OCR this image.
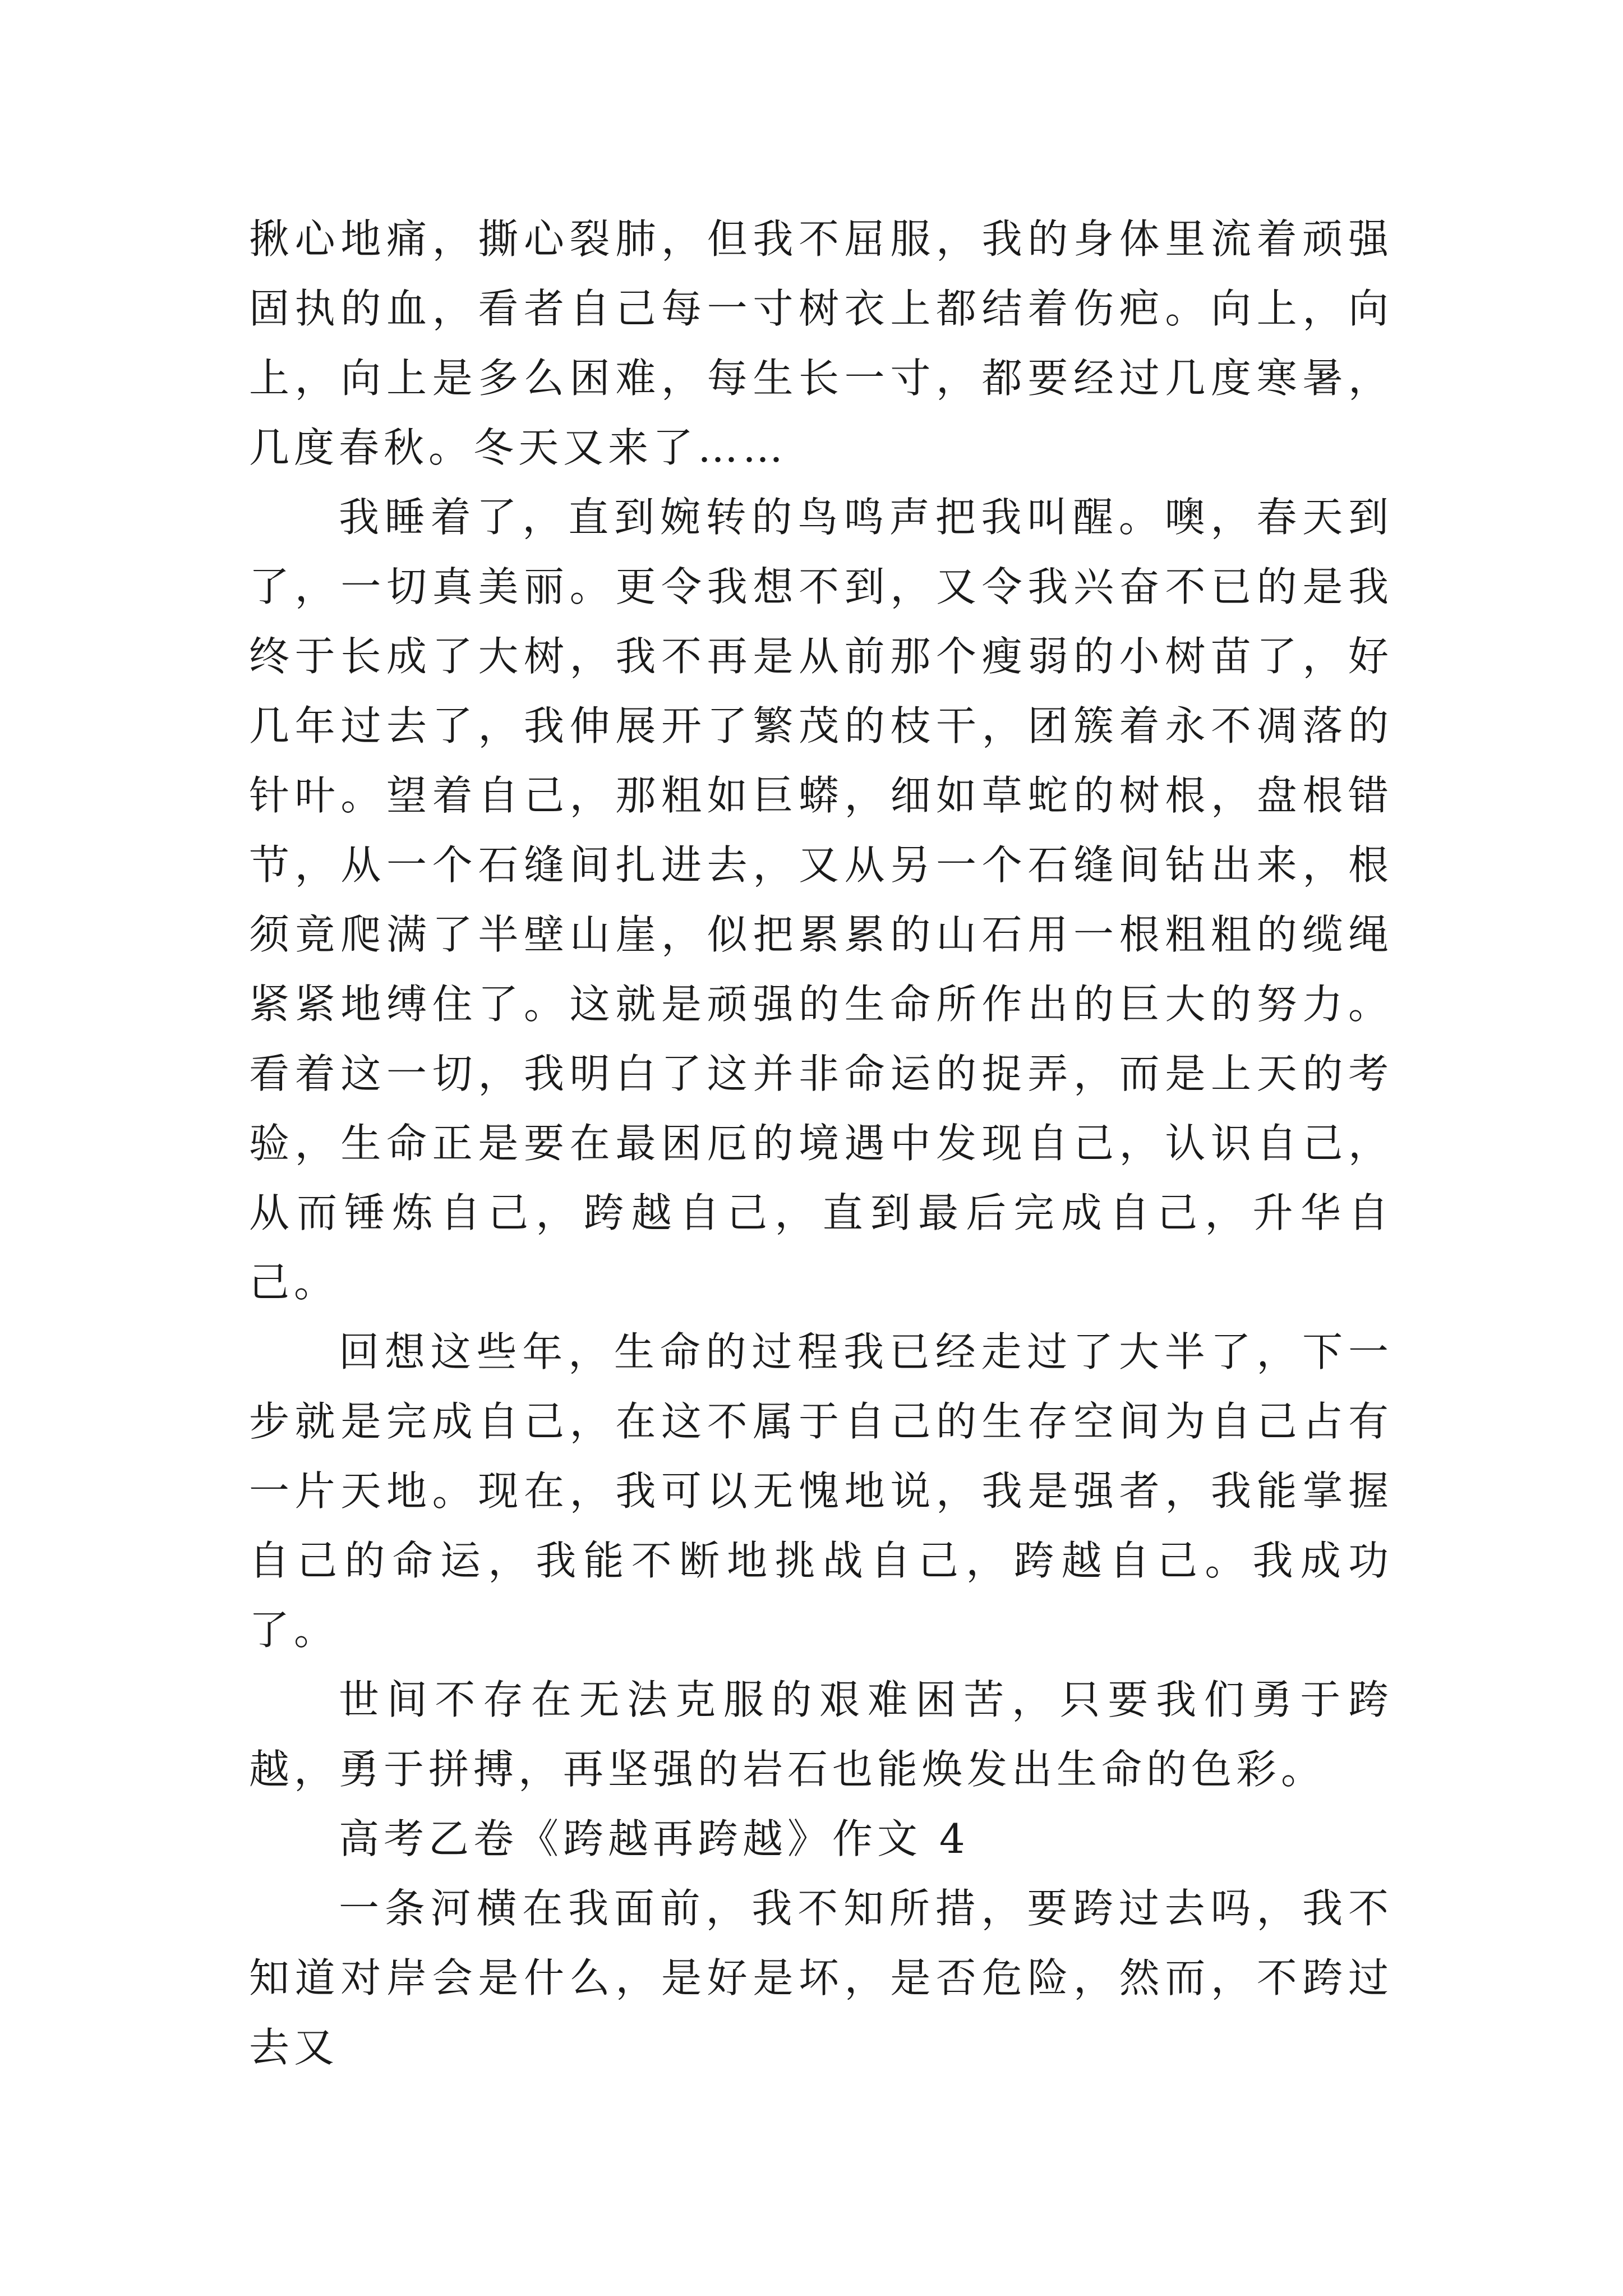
揪心地痛，撕心裂肺，但我不屈服，我的身体里流着顽强固执的血，看者自己每一寸树衣上都结着伤疤。向上，向上，向上是多么困难，每生长一寸，都要经过几度寒暑，几度春秋。冬天又来了……

我睡着了，直到婉转的鸟鸣声把我叫醒。噢，春天到了，一切真美丽。更令我想不到，又令我兴奋不已的是我终于长成了大树，我不再是从前那个瘦弱的小树苗了，好几年过去了，我伸展开了繁茂的枝干，团簇着永不凋落的针叶。望着自己，那粗如巨蟒，细如草蛇的树根，盘根错节，从一个石缝间扎进去，又从另一个石缝间钻出来，根须竟爬满了半壁山崖，似把累累的山石用一根粗粗的缆绳紧紧地缚住了。这就是顽强的生命所作出的巨大的努力。看着这一切，我明白了这并非命运的捉弄，而是上天的考验，生命正是要在最困厄的境遇中发现自己，认识自己，从而锤炼自己，跨越自己，直到最后完成自己，升华自己。

回想这些年，生命的过程我已经走过了大半了，下一步就是完成自己，在这不属于自己的生存空间为自己占有一片天地。现在，我可以无愧地说，我是强者，我能掌握自己的命运，我能不断地挑战自己，跨越自己。我成功了。

世间不存在无法克服的艰难困苦，只要我们勇于跨越，勇于拼搏，再坚强的岩石也能焕发出生命的色彩。

高考乙卷《跨越再跨越》作文 4

一条河横在我面前，我不知所措，要跨过去吗，我不知道对岸会是什么，是好是坏，是否危险，然而，不跨过去又
